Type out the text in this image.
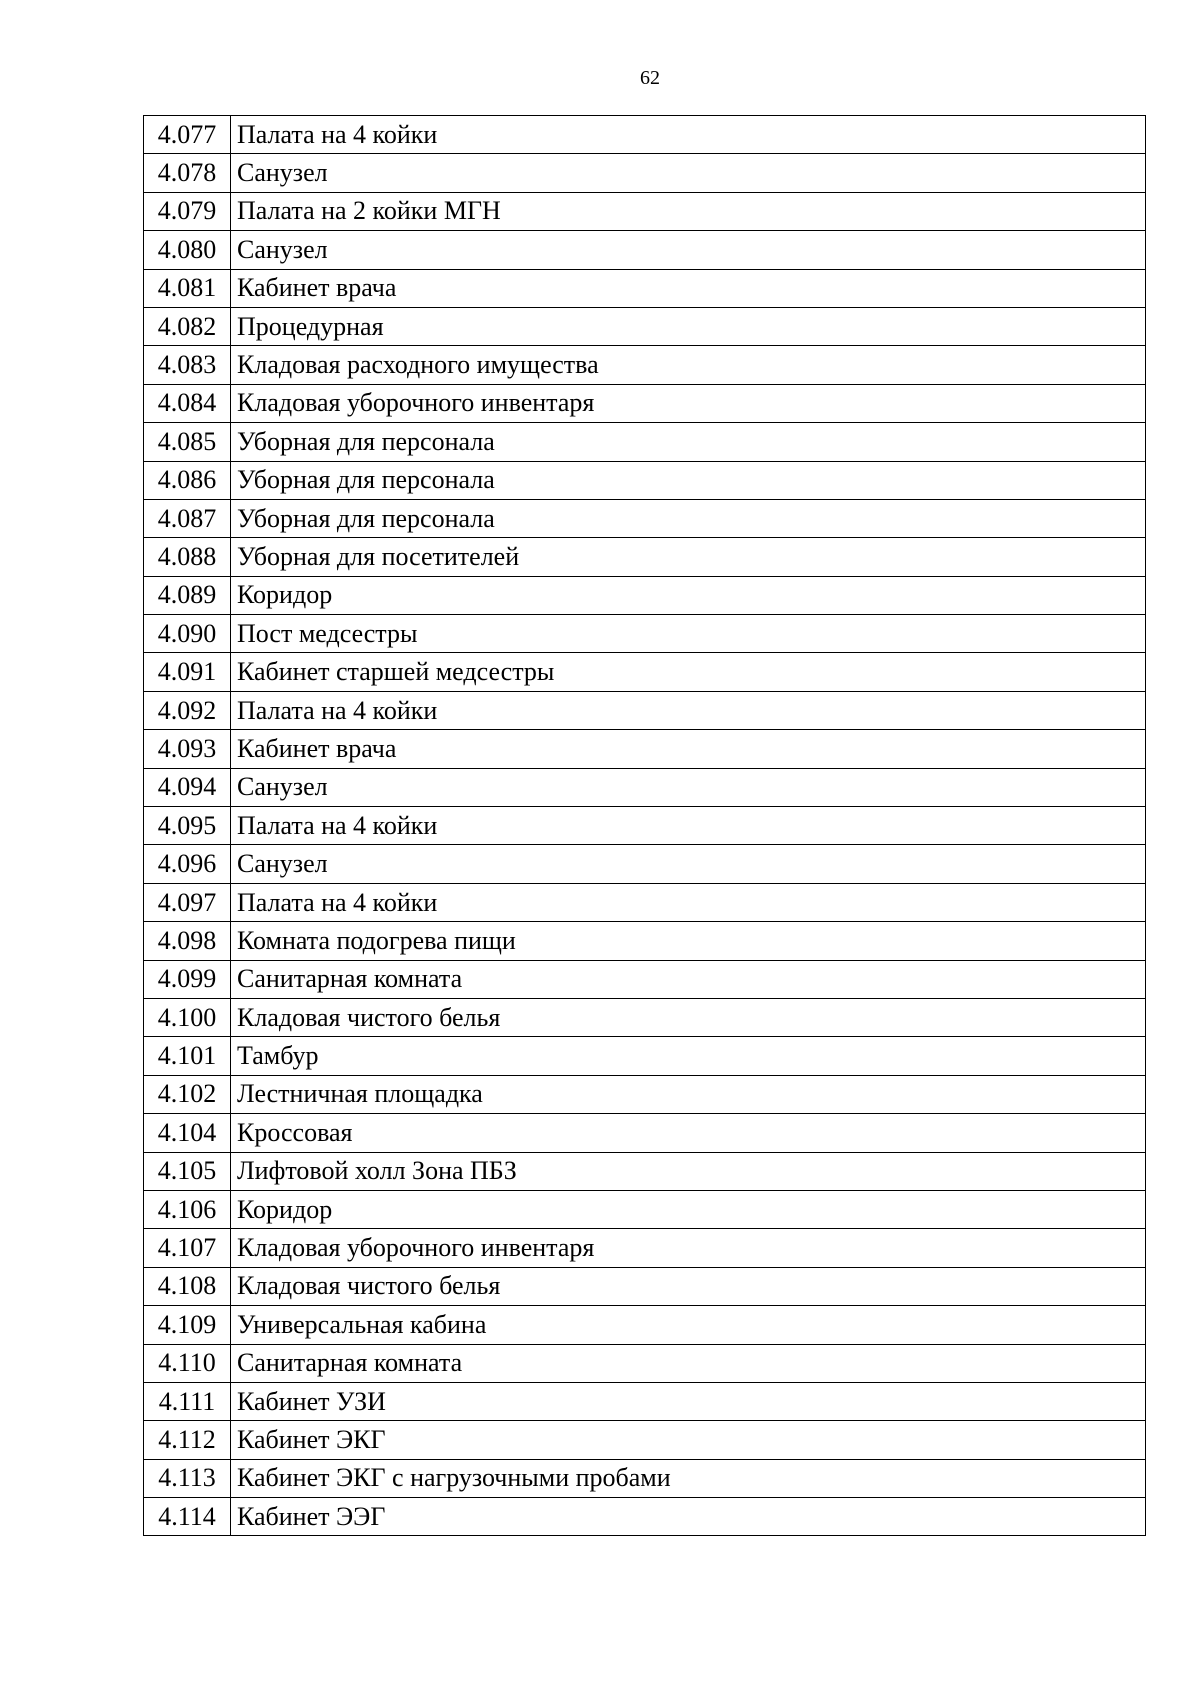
62
4.077	Палата на 4 койки
4.078	Санузел
4.079	Палата на 2 койки МГН
4.080	Санузел
4.081	Кабинет врача
4.082	Процедурная
4.083	Кладовая расходного имущества
4.084	Кладовая уборочного инвентаря
4.085	Уборная для персонала
4.086	Уборная для персонала
4.087	Уборная для персонала
4.088	Уборная для посетителей
4.089	Коридор
4.090	Пост медсестры
4.091	Кабинет старшей медсестры
4.092	Палата на 4 койки
4.093	Кабинет врача
4.094	Санузел
4.095	Палата на 4 койки
4.096	Санузел
4.097	Палата на 4 койки
4.098	Комната подогрева пищи
4.099	Санитарная комната
4.100	Кладовая чистого белья
4.101	Тамбур
4.102	Лестничная площадка
4.104	Кроссовая
4.105	Лифтовой холл Зона ПБЗ
4.106	Коридор
4.107	Кладовая уборочного инвентаря
4.108	Кладовая чистого белья
4.109	Универсальная кабина
4.110	Санитарная комната
4.111	Кабинет УЗИ
4.112	Кабинет ЭКГ
4.113	Кабинет ЭКГ с нагрузочными пробами
4.114	Кабинет ЭЭГ
